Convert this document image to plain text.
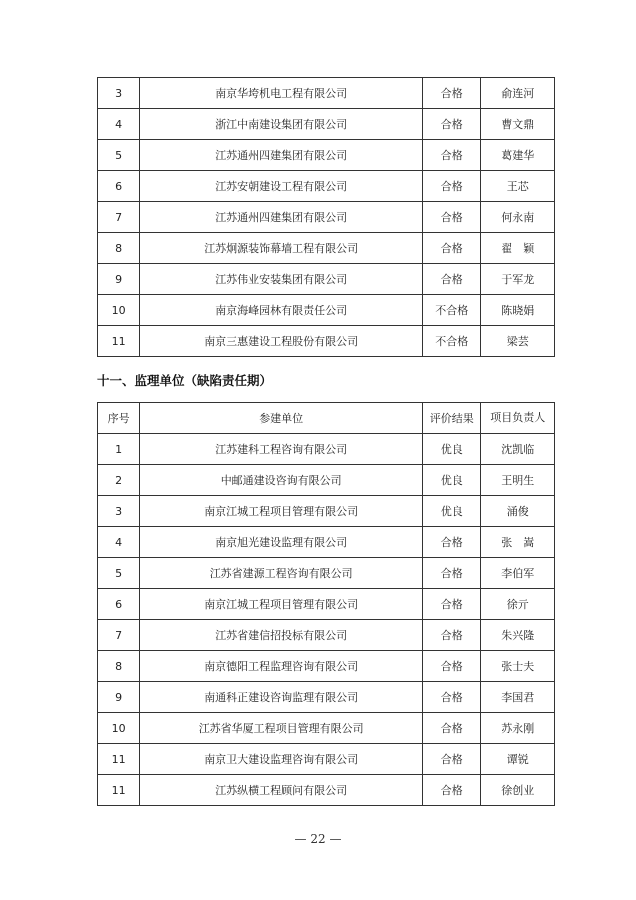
3	南京华垮机电工程有限公司	合格	俞连河
4	浙江中南建设集团有限公司	合格	曹文鼎
5	江苏通州四建集团有限公司	合格	葛建华
6	江苏安朝建设工程有限公司	合格	王芯
7	江苏通州四建集团有限公司	合格	何永南
8	江苏炯源装饰幕墙工程有限公司	合格	翟　颖
9	江苏伟业安装集团有限公司	合格	于军龙
10	南京海峰园林有限责任公司	不合格	陈晓娟
11	南京三惠建设工程股份有限公司	不合格	梁芸
十一、监理单位（缺陷责任期）
序号	参建单位	评价结果	项目负责人
1	江苏建科工程咨询有限公司	优良	沈凯临
2	中邮通建设咨询有限公司	优良	王明生
3	南京江城工程项目管理有限公司	优良	涌俊
4	南京旭光建设监理有限公司	合格	张　嵩
5	江苏省建源工程咨询有限公司	合格	李伯军
6	南京江城工程项目管理有限公司	合格	徐亓
7	江苏省建信招投标有限公司	合格	朱兴隆
8	南京德阳工程监理咨询有限公司	合格	张士夫
9	南通科正建设咨询监理有限公司	合格	李国君
10	江苏省华厦工程项目管理有限公司	合格	苏永刚
11	南京卫大建设监理咨询有限公司	合格	谭锐
11	江苏纵横工程顾问有限公司	合格	徐创业
— 22 —
